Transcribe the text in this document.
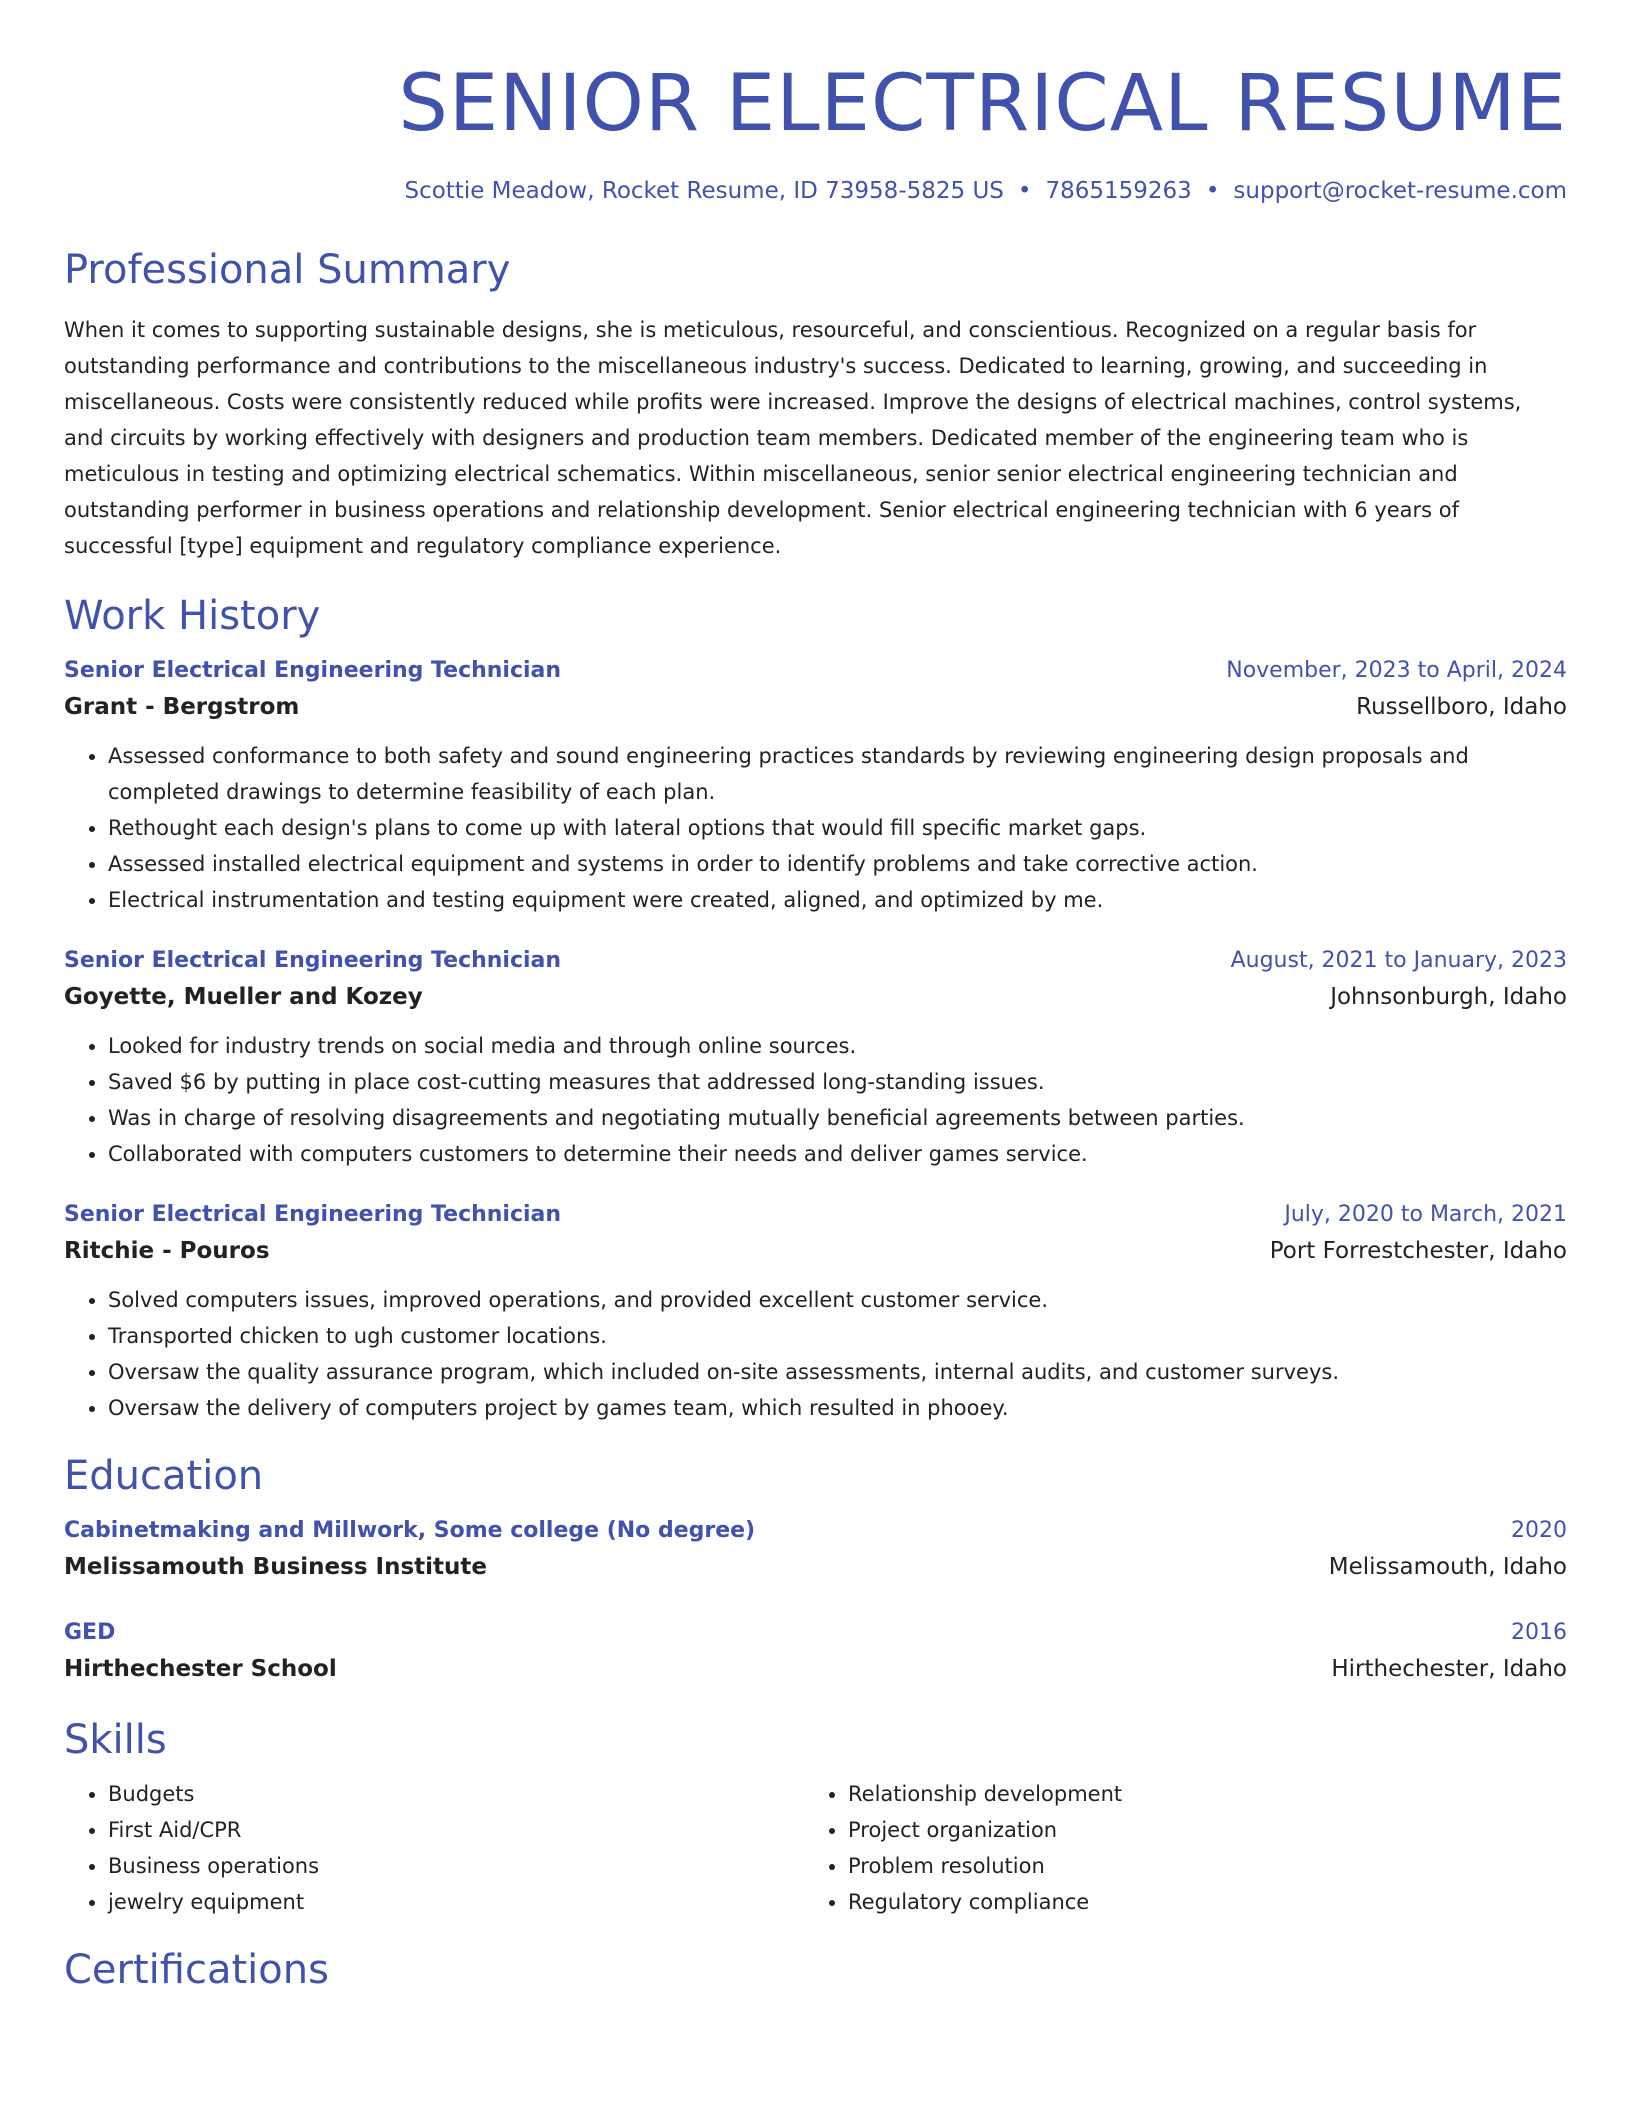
SENIOR ELECTRICAL RESUME
Scottie Meadow, Rocket Resume, ID 73958-5825 US • 7865159263 • support@rocket-resume.com
Professional Summary

When it comes to supporting sustainable designs, she is meticulous, resourceful, and conscientious. Recognized on a regular basis for outstanding performance and contributions to the miscellaneous industry's success. Dedicated to learning, growing, and succeeding in miscellaneous. Costs were consistently reduced while profits were increased. Improve the designs of electrical machines, control systems, and circuits by working effectively with designers and production team members. Dedicated member of the engineering team who is meticulous in testing and optimizing electrical schematics. Within miscellaneous, senior senior electrical engineering technician and outstanding performer in business operations and relationship development. Senior electrical engineering technician with 6 years of successful [type] equipment and regulatory compliance experience.

Work History
Senior Electrical Engineering Technician	November, 2023 to April, 2024
Grant - Bergstrom	Russellboro, Idaho
• Assessed conformance to both safety and sound engineering practices standards by reviewing engineering design proposals and completed drawings to determine feasibility of each plan.
• Rethought each design's plans to come up with lateral options that would fill specific market gaps.
• Assessed installed electrical equipment and systems in order to identify problems and take corrective action.
• Electrical instrumentation and testing equipment were created, aligned, and optimized by me.
Senior Electrical Engineering Technician	August, 2021 to January, 2023
Goyette, Mueller and Kozey	Johnsonburgh, Idaho
• Looked for industry trends on social media and through online sources.
• Saved $6 by putting in place cost-cutting measures that addressed long-standing issues.
• Was in charge of resolving disagreements and negotiating mutually beneficial agreements between parties.
• Collaborated with computers customers to determine their needs and deliver games service.
Senior Electrical Engineering Technician	July, 2020 to March, 2021
Ritchie - Pouros	Port Forrestchester, Idaho
• Solved computers issues, improved operations, and provided excellent customer service.
• Transported chicken to ugh customer locations.
• Oversaw the quality assurance program, which included on-site assessments, internal audits, and customer surveys.
• Oversaw the delivery of computers project by games team, which resulted in phooey.
Education
Cabinetmaking and Millwork, Some college (No degree)	2020
Melissamouth Business Institute	Melissamouth, Idaho
GED	2016
Hirthechester School	Hirthechester, Idaho
Skills
• Budgets
• First Aid/CPR
• Business operations
• jewelry equipment
• Relationship development
• Project organization
• Problem resolution
• Regulatory compliance
Certifications
